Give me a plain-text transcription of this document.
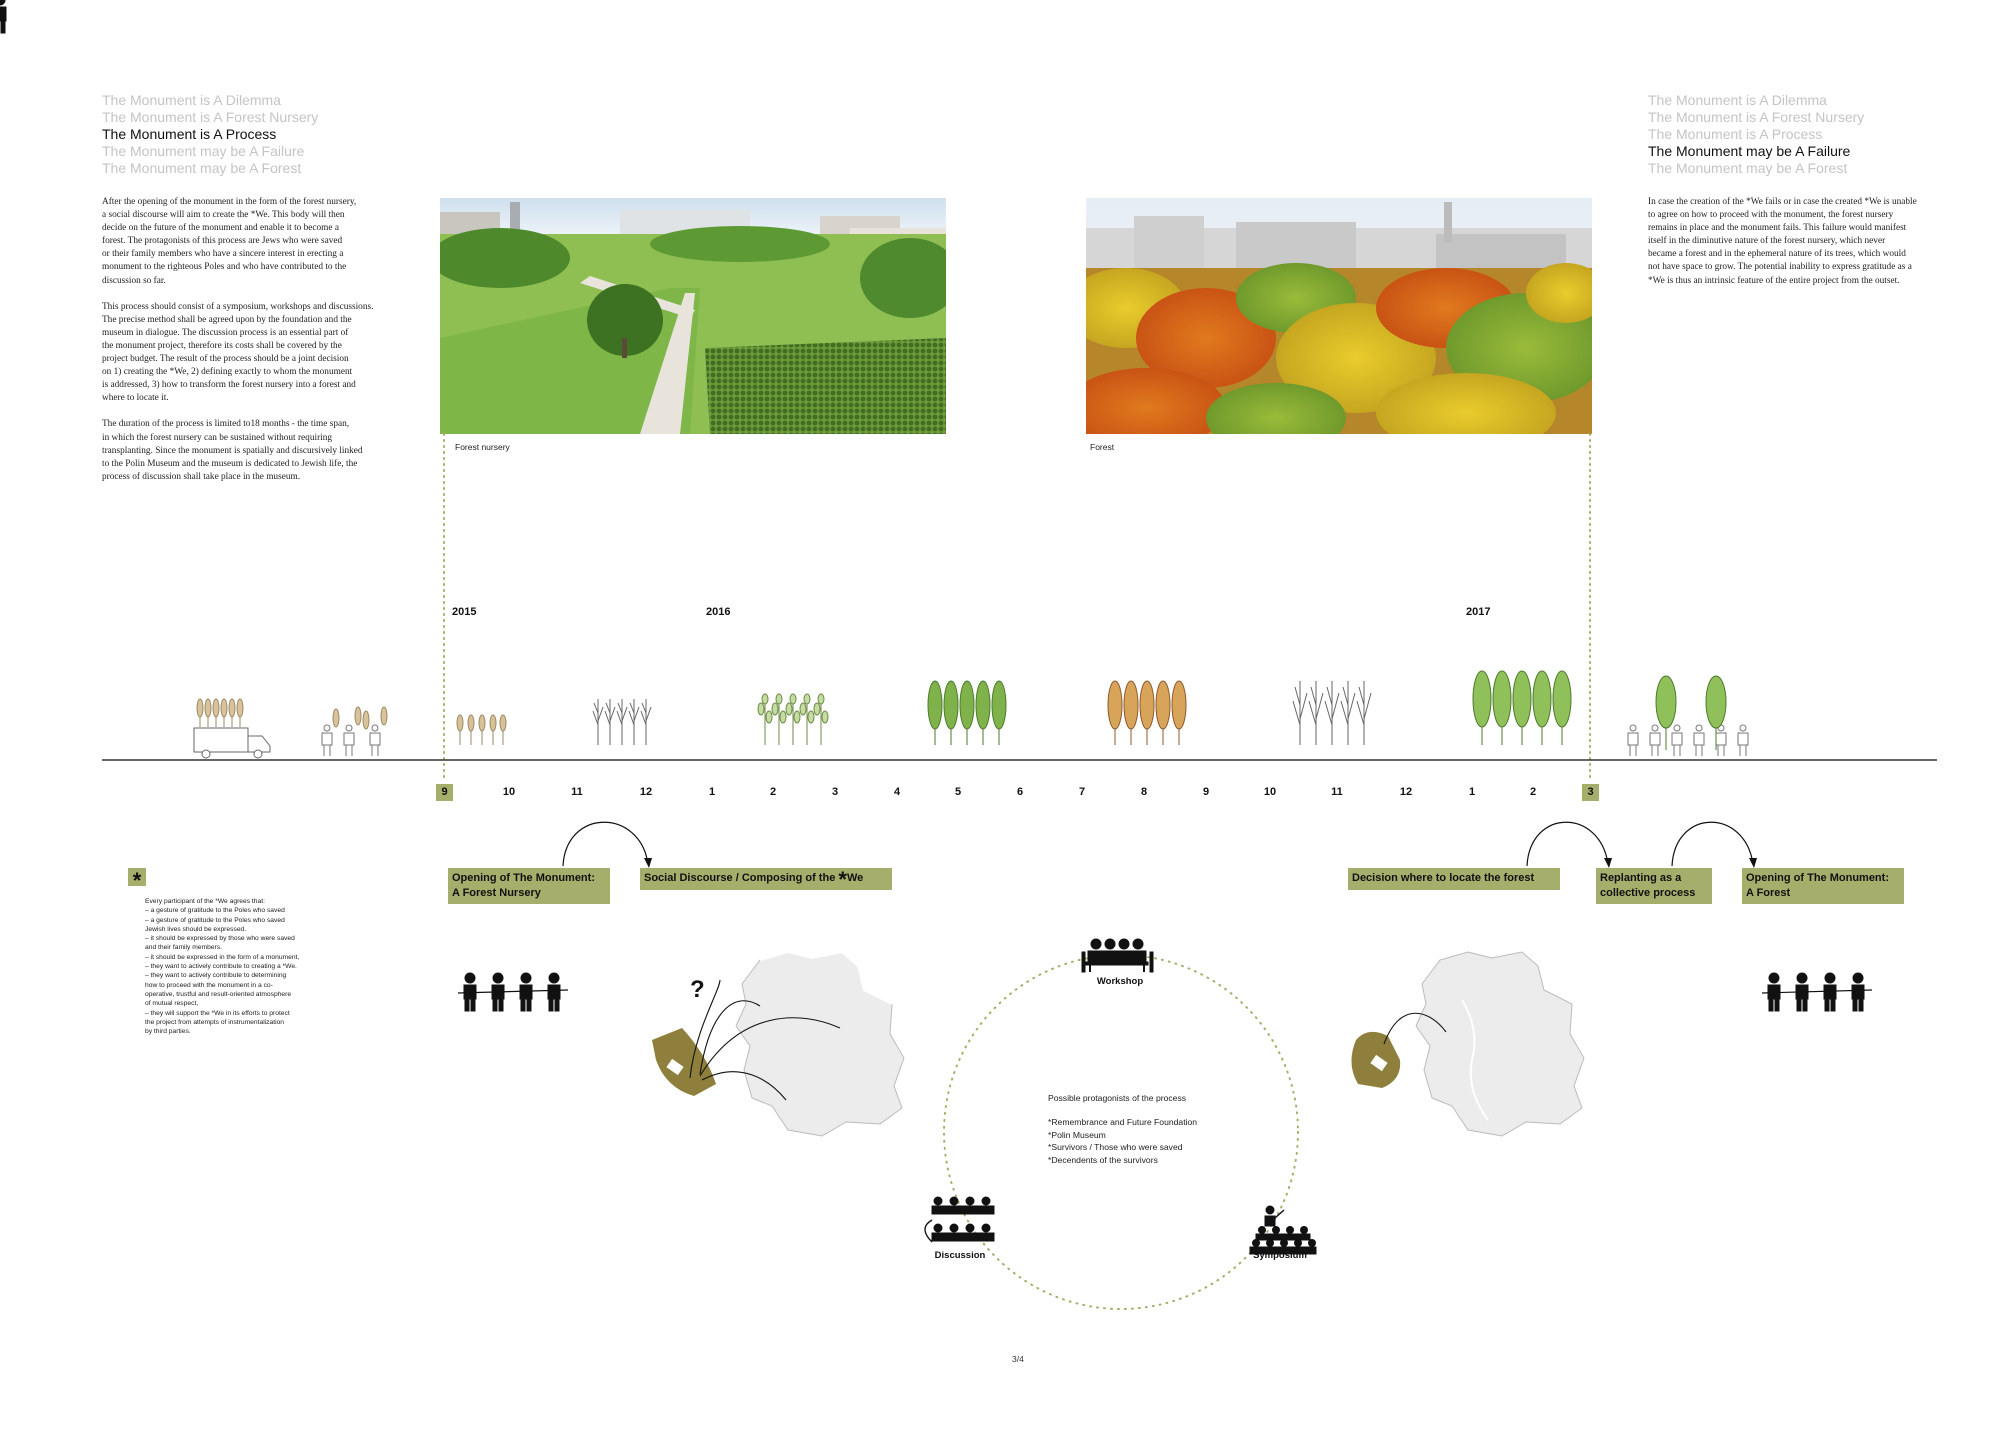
The Monument is A Dilemma
The Monument is A Forest Nursery
The Monument is A Process
The Monument may be A Failure
The Monument may be A Forest
The Monument is A Dilemma
The Monument is A Forest Nursery
The Monument is A Process
The Monument may be A Failure
The Monument may be A Forest

After the opening of the monument in the form of the forest nursery,
a social discourse will aim to create the *We. This body will then
decide on the future of the monument and enable it to become a
forest. The protagonists of this process are Jews who were saved
or their family members who have a sincere interest in erecting a
monument to the righteous Poles and who have contributed to the
discussion so far.

This process should consist of a symposium, workshops and discussions.
The precise method shall be agreed upon by the foundation and the
museum in dialogue. The discussion process is an essential part of
the monument project, therefore its costs shall be covered by the
project budget. The result of the process should be a joint decision
on 1) creating the *We, 2) defining exactly to whom the monument
is addressed, 3) how to transform the forest nursery into a forest and
where to locate it.

The duration of the process is limited to18 months - the time span,
in which the forest nursery can be sustained without requiring
transplanting. Since the monument is spatially and discursively linked
to the Polin Museum and the museum is dedicated to Jewish life, the
process of discussion shall take place in the museum.

In case the creation of the *We fails or in case the created *We is unable
to agree on how to proceed with the monument, the forest nursery
remains in place and the monument fails. This failure would manifest
itself in the diminutive nature of the forest nursery, which never
became a forest and in the ephemeral nature of its trees, which would
not have space to grow. The potential inability to express gratitude as a
*We is thus an intrinsic feature of the entire project from the outset.

Forest nursery	Forest
2015	2016	2017
9	10	11	12	1	2	3	4	5	6	7	8	9	10	11	12	1	2	3
Opening of The Monument:
A Forest Nursery
Social Discourse / Composing of the *We	Decision where to locate the forest	Replanting as a
collective process
Opening of The Monument:
A Forest
*
Every participant of the *We agrees that:
– a gesture of gratitude to the Poles who saved
– a gesture of gratitude to the Poles who saved
Jewish lives should be expressed.
– it should be expressed by those who were saved
and their family members.
– it should be expressed in the form of a monument,
– they want to actively contribute to creating a *We.
– they want to actively contribute to determining
how to proceed with the monument in a co-
operative, trustful and result-oriented atmosphere
of mutual respect,
– they will support the *We in its efforts to protect
the project from attempts of instrumentalization
by third parties.
?	Workshop
Discussion	Symposium
Possible protagonists of the process
*Remembrance and Future Foundation
*Polin Museum
*Survivors / Those who were saved
*Decendents of the survivors
3/4
